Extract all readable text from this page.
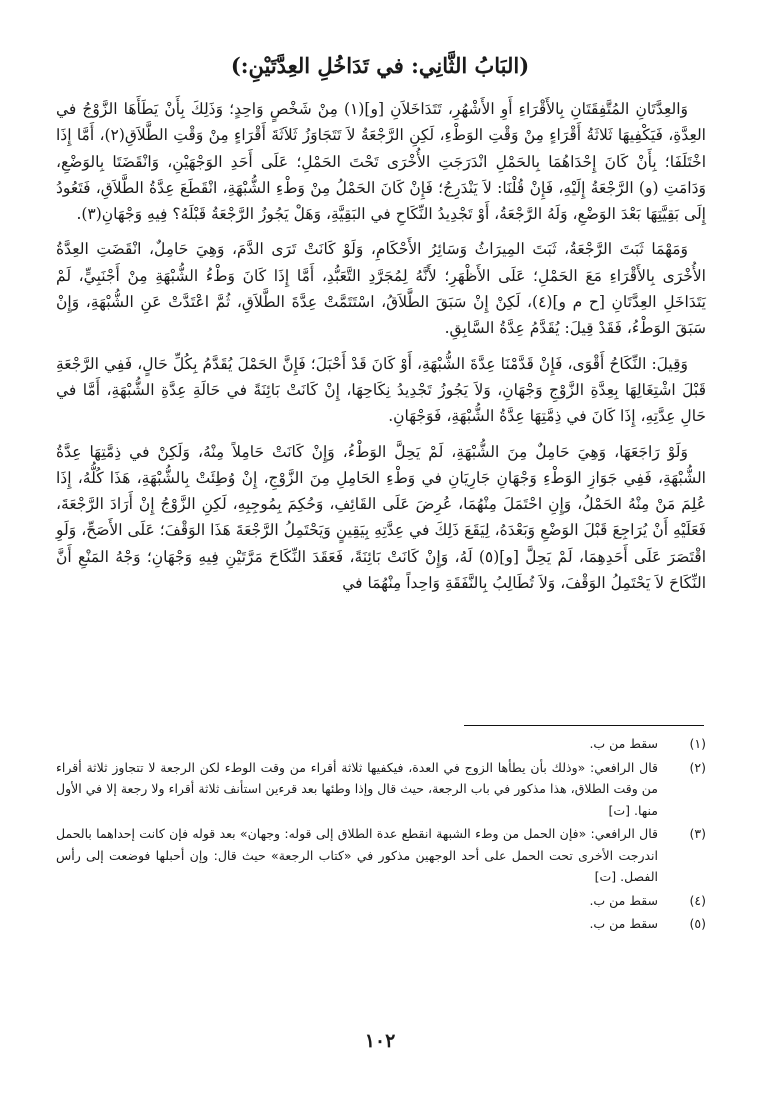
(البَابُ الثَّانِي: في تَدَاخُلِ العِدَّتَيْنِ:)

وَالعِدَّتَانِ المُتَّفِقَتَانِ بِالأَقْرَاءِ أَوِ الأَشْهُرِ، تَتَدَاخَلاَنِ [و](١) مِنْ شَخْصٍ وَاحِدٍ؛ وَذَلِكَ بِأَنْ يَطَأَهَا الزَّوْجُ في العِدَّةِ، فَيَكْفِيهَا ثَلاثَةُ أَقْرَاءٍ مِنْ وَقْتِ الوَطْءِ، لَكِنِ الرَّجْعَةُ لاَ تَتَجَاوَزُ ثَلاَثَةَ أَقْرَاءٍ مِنْ وَقْتِ الطَّلاَقِ(٢)، أَمَّا إِذَا اخْتَلَفَا؛ بِأَنْ كَانَ إِحْدَاهُمَا بِالحَمْلِ انْدَرَجَتِ الأُخْرَى تَحْتَ الحَمْلِ؛ عَلَى أَحَدِ الوَجْهَيْنِ، وَانْقَضَتَا بِالوَضْعِ، وَدَامَتِ (و) الرَّجْعَةُ إِلَيْهِ، فَإِنْ قُلْنَا: لاَ يَنْدَرِجُ؛ فَإِنْ كَانَ الحَمْلُ مِنْ وَطْءِ الشُّبْهَةِ، انْقَطَعَ عِدَّةُ الطَّلاَقِ، فَتَعُودُ إِلَى بَقِيَّتِهَا بَعْدَ الوَضْعِ، وَلَهُ الرَّجْعَةُ، أَوْ تَجْدِيدُ النِّكَاحِ في البَقِيَّةِ، وَهَلْ يَجُوزُ الرَّجْعَةُ قَبْلَهُ؟ فِيهِ وَجْهَانِ(٣).

وَمَهْمَا ثَبَتَ الرَّجْعَةُ، ثَبَتَ المِيرَاثُ وَسَائِرُ الأَحْكَامِ، وَلَوْ كَانَتْ تَرَى الدَّمَ، وَهِيَ حَامِلٌ، انْقَضَتِ العِدَّةُ الأُخْرَى بِالأَقْرَاءِ مَعَ الحَمْلِ؛ عَلَى الأَظْهَرِ؛ لأَنَّهُ لِمُجَرَّدِ التَّعَبُّدِ، أَمَّا إِذَا كَانَ وَطْءُ الشُّبْهَةِ مِنْ أَجْنَبِيٍّ، لَمْ يَتَدَاخَلِ العِدَّتَانِ [ح م و](٤)، لَكِنْ إِنْ سَبَقَ الطَّلاَقُ، اسْتَتَمَّتْ عِدَّةَ الطَّلاَقِ، ثُمَّ اعْتَدَّتْ عَنِ الشُّبْهَةِ، وَإِنْ سَبَقَ الوَطْءُ، فَقَدْ قِيلَ: يُقَدَّمُ عِدَّةُ السَّابِقِ.

وَقِيلَ: النِّكَاحُ أَقْوَى، فَإِنْ قَدَّمْنَا عِدَّةَ الشُّبْهَةِ، أَوْ كَانَ قَدْ أَحْبَلَ؛ فَإِنَّ الحَمْلَ يُقَدَّمُ بِكُلِّ حَالٍ، فَفِي الرَّجْعَةِ قَبْلَ اشْتِغَالِهَا بِعِدَّةِ الزَّوْجِ وَجْهَانِ، وَلاَ يَجُوزُ تَجْدِيدُ نِكَاحِهَا، إِنْ كَانَتْ بَائِنَةً في حَالَةِ عِدَّةِ الشُّبْهَةِ، أَمَّا في حَالِ عِدَّتِهِ، إِذَا كَانَ في ذِمَّتِهَا عِدَّةُ الشُّبْهَةِ، فَوَجْهَانِ.

وَلَوْ رَاجَعَهَا، وَهِيَ حَامِلٌ مِنَ الشُّبْهَةِ، لَمْ يَحِلَّ الوَطْءُ، وَإِنْ كَانَتْ حَامِلاً مِنْهُ، وَلَكِنْ في ذِمَّتِهَا عِدَّةُ الشُّبْهَةِ، فَفِي جَوَازِ الوَطْءِ وَجْهَانِ جَارِيَانِ في وَطْءِ الحَامِلِ مِنَ الزَّوْجِ، إِنْ وُطِئَتْ بِالشُّبْهَةِ، هَذَا كُلُّهُ، إِذَا عُلِمَ مَنْ مِنْهُ الحَمْلُ، وَإِنِ احْتَمَلَ مِنْهُمَا، عُرِضَ عَلَى القَائِفِ، وَحُكِمَ بِمُوجِبِهِ، لَكِنِ الزَّوْجُ إِنْ أَرَادَ الرَّجْعَةَ، فَعَلَيْهِ أَنْ يُرَاجِعَ قَبْلَ الوَضْعِ وَبَعْدَهُ، لِيَقَعَ ذَلِكَ في عِدَّتِهِ بِيَقِينٍ وَيَحْتَمِلُ الرَّجْعَةَ هَذَا الوَقْفَ؛ عَلَى الأَصَحِّ، وَلَوِ اقْتَصَرَ عَلَى أَحَدِهِمَا، لَمْ يَحِلَّ [و](٥) لَهُ، وَإِنْ كَانَتْ بَائِنَةً، فَعَقَدَ النِّكَاحَ مَرَّتَيْنِ فِيهِ وَجْهَانِ؛ وَجْهُ المَنْعِ أَنَّ النِّكَاحَ لاَ يَحْتَمِلُ الوَقْفَ، وَلاَ تُطَالِبُ بِالنَّفَقَةِ وَاحِداً مِنْهُمَا في

(١)
سقط من ب.
(٢)
قال الرافعي: «وذلك بأن يطأها الزوج في العدة، فيكفيها ثلاثة أقراء من وقت الوطء لكن الرجعة لا تتجاوز ثلاثة أقراء من وقت الطلاق، هذا مذكور في باب الرجعة، حيث قال وإذا وطئها بعد قرءين استأنف ثلاثة أقراء ولا رجعة إلا في الأول منها. [ت]
(٣)
قال الرافعي: «فإن الحمل من وطء الشبهة انقطع عدة الطلاق إلى قوله: وجهان» بعد قوله فإن كانت إحداهما بالحمل اندرجت الأخرى تحت الحمل على أحد الوجهين مذكور في «كتاب الرجعة» حيث قال: وإن أحبلها فوضعت إلى رأس الفصل. [ت]
(٤)
سقط من ب.
(٥)
سقط من ب.
١٠٢
